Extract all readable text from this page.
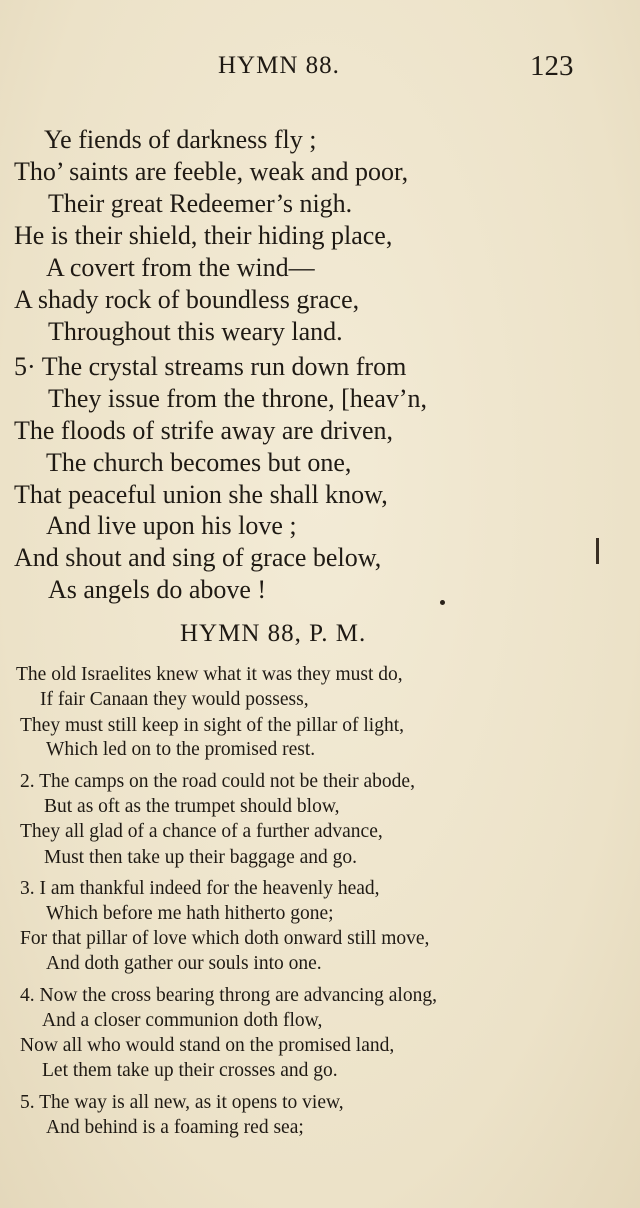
HYMN 88.	123
Ye fiends of darkness fly ;
Tho’ saints are feeble, weak and poor,
Their great Redeemer’s nigh.
He is their shield, their hiding place,
A covert from the wind—
A shady rock of boundless grace,
Throughout this weary land.
5· The crystal streams run down from
They issue from the throne, [heav’n,
The floods of strife away are driven,
The church becomes but one,
That peaceful union she shall know,
And live upon his love ;
And shout and sing of grace below,
As angels do above !
HYMN 88, P. M.
The old Israelites knew what it was they must do,
If fair Canaan they would possess,
They must still keep in sight of the pillar of light,
Which led on to the promised rest.
2. The camps on the road could not be their abode,
But as oft as the trumpet should blow,
They all glad of a chance of a further advance,
Must then take up their baggage and go.
3. I am thankful indeed for the heavenly head,
Which before me hath hitherto gone;
For that pillar of love which doth onward still move,
And doth gather our souls into one.
4. Now the cross bearing throng are advancing along,
And a closer communion doth flow,
Now all who would stand on the promised land,
Let them take up their crosses and go.
5. The way is all new, as it opens to view,
And behind is a foaming red sea;
